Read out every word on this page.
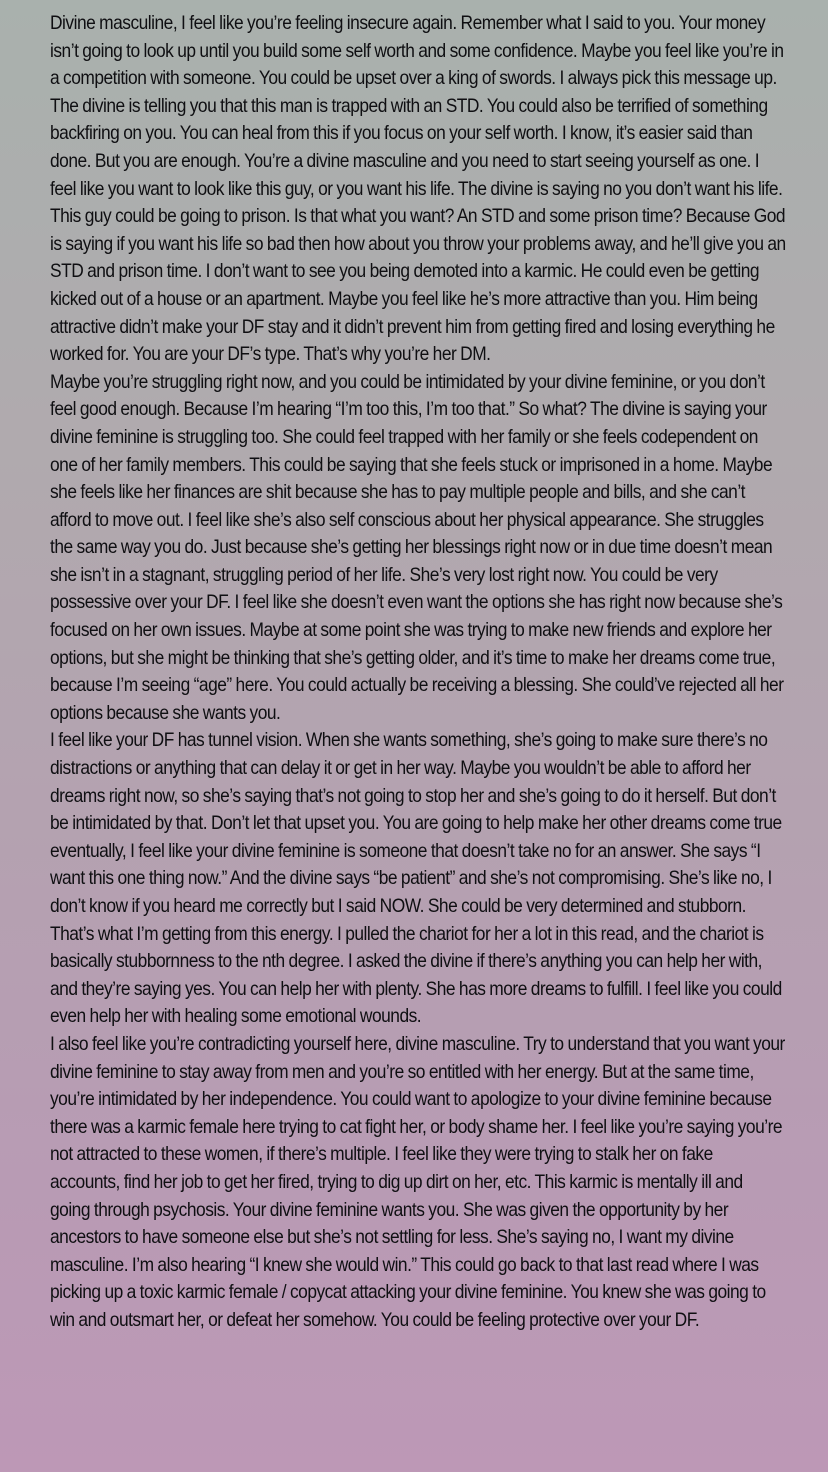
Divine masculine, I feel like you’re feeling insecure again. Remember what I said to you. Your money isn’t going to look up until you build some self worth and some confidence. Maybe you feel like you’re in a competition with someone. You could be upset over a king of swords. I always pick this message up. The divine is telling you that this man is trapped with an STD. You could also be terrified of something backfiring on you. You can heal from this if you focus on your self worth. I know, it’s easier said than done. But you are enough. You’re a divine masculine and you need to start seeing yourself as one. I feel like you want to look like this guy, or you want his life. The divine is saying no you don’t want his life. This guy could be going to prison. Is that what you want? An STD and some prison time? Because God is saying if you want his life so bad then how about you throw your problems away, and he’ll give you an STD and prison time. I don’t want to see you being demoted into a karmic. He could even be getting kicked out of a house or an apartment. Maybe you feel like he’s more attractive than you. Him being attractive didn’t make your DF stay and it didn’t prevent him from getting fired and losing everything he worked for. You are your DF’s type. That’s why you’re her DM.

Maybe you’re struggling right now, and you could be intimidated by your divine feminine, or you don’t feel good enough. Because I’m hearing “I’m too this, I’m too that.” So what? The divine is saying your divine feminine is struggling too. She could feel trapped with her family or she feels codependent on one of her family members. This could be saying that she feels stuck or imprisoned in a home. Maybe she feels like her finances are shit because she has to pay multiple people and bills, and she can’t afford to move out. I feel like she’s also self conscious about her physical appearance. She struggles the same way you do. Just because she’s getting her blessings right now or in due time doesn’t mean she isn’t in a stagnant, struggling period of her life. She’s very lost right now. You could be very possessive over your DF. I feel like she doesn’t even want the options she has right now because she’s focused on her own issues. Maybe at some point she was trying to make new friends and explore her options, but she might be thinking that she’s getting older, and it’s time to make her dreams come true, because I’m seeing “age” here. You could actually be receiving a blessing. She could’ve rejected all her options because she wants you.

I feel like your DF has tunnel vision. When she wants something, she’s going to make sure there’s no distractions or anything that can delay it or get in her way. Maybe you wouldn’t be able to afford her dreams right now, so she’s saying that’s not going to stop her and she’s going to do it herself. But don’t be intimidated by that. Don’t let that upset you. You are going to help make her other dreams come true eventually, I feel like your divine feminine is someone that doesn’t take no for an answer. She says “I want this one thing now.” And the divine says “be patient” and she’s not compromising. She’s like no, I don’t know if you heard me correctly but I said NOW. She could be very determined and stubborn. That’s what I’m getting from this energy. I pulled the chariot for her a lot in this read, and the chariot is basically stubbornness to the nth degree. I asked the divine if there’s anything you can help her with, and they’re saying yes. You can help her with plenty. She has more dreams to fulfill. I feel like you could even help her with healing some emotional wounds.

I also feel like you’re contradicting yourself here, divine masculine. Try to understand that you want your divine feminine to stay away from men and you’re so entitled with her energy. But at the same time, you’re intimidated by her independence. You could want to apologize to your divine feminine because there was a karmic female here trying to cat fight her, or body shame her. I feel like you’re saying you’re not attracted to these women, if there’s multiple. I feel like they were trying to stalk her on fake accounts, find her job to get her fired, trying to dig up dirt on her, etc. This karmic is mentally ill and going through psychosis. Your divine feminine wants you. She was given the opportunity by her ancestors to have someone else but she’s not settling for less. She’s saying no, I want my divine masculine. I’m also hearing “I knew she would win.” This could go back to that last read where I was picking up a toxic karmic female / copycat attacking your divine feminine. You knew she was going to win and outsmart her, or defeat her somehow. You could be feeling protective over your DF.
